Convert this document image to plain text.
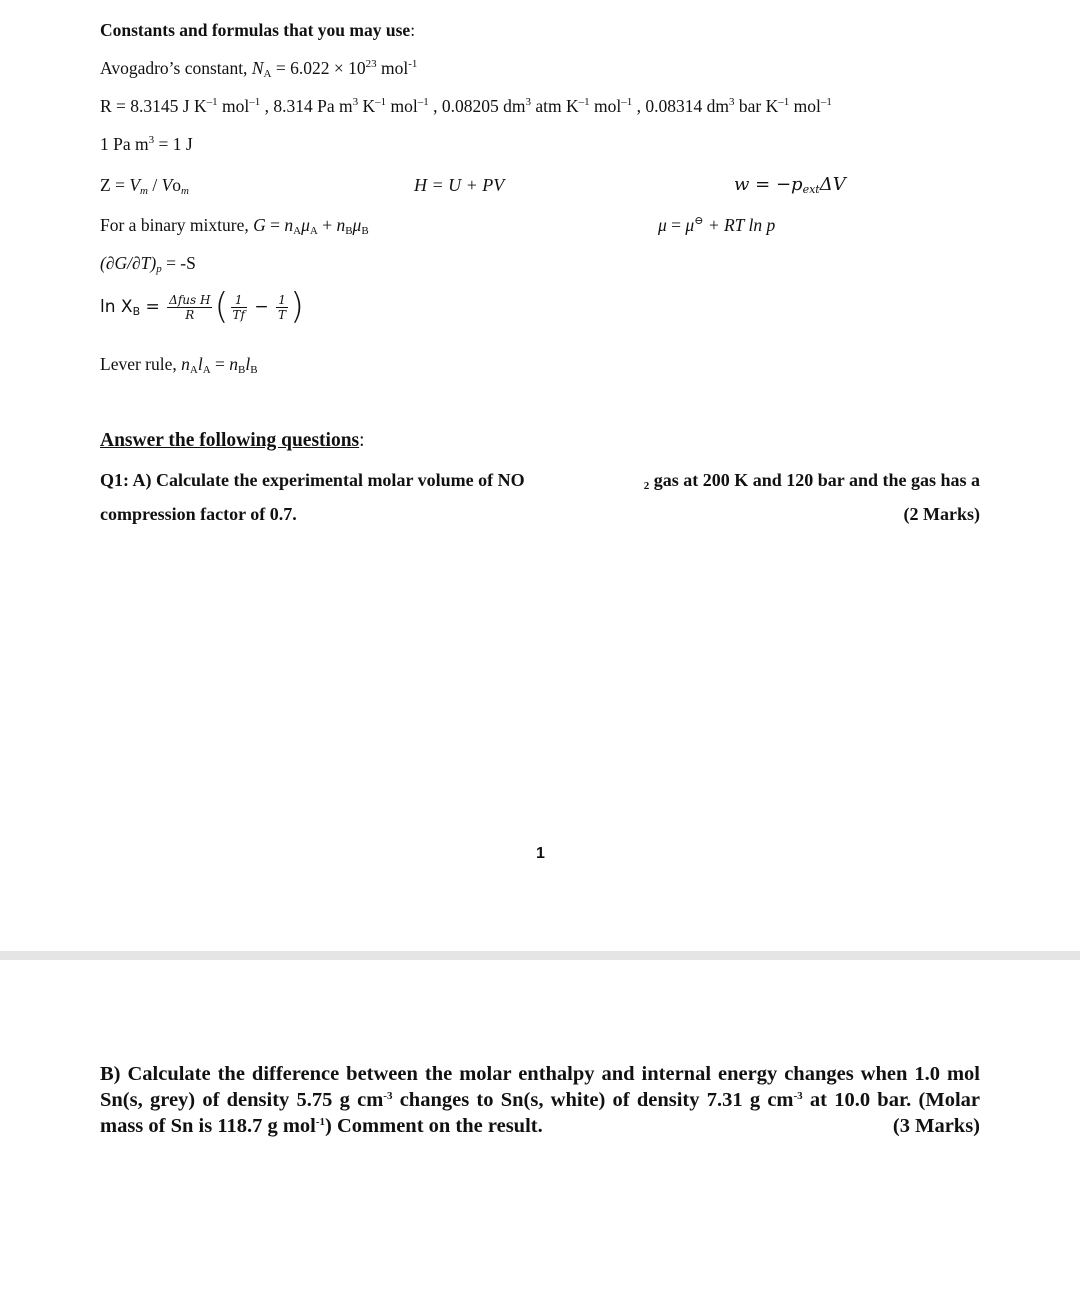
Constants and formulas that you may use:
Avogadro’s constant, $N_A = 6.022 \times 10^{23}$ mol$^{-1}$
R = 8.3145 J $K^{-1}$ mol$^{-1}$ , 8.314 Pa $m^3$ $K^{-1}$ mol$^{-1}$ , 0.08205 $dm^3$ atm $K^{-1}$ mol$^{-1}$ , 0.08314 $dm^3$ bar $K^{-1}$ mol$^{-1}$
1 Pa $m^3 = 1$ J
$Z = V_m / Vo_m$	H = U + PV	$w = -p_{ext}\Delta V$
For a binary mixture, $G = n_A\mu_A + n_B\mu_B$	μ = μ⊖ + RT ln p
$(\partial G/\partial T)_p = -S$
$\ln X_B = \frac{\text{Δfus H}}{R}$ ( $\frac{1}{Tf} - \frac{1}{T}$ )
Lever rule, $n_Al_A = n_Bl_B$
Answer the following questions:
Q1: A) Calculate the experimental molar volume of NO	$_2$ gas at 200 K and 120 bar and the gas has a
compression factor of 0.7.	(2 Marks)
1
B) Calculate the difference between the molar enthalpy and internal energy changes when 1.0 mol Sn(s, grey) of density 5.75 g $cm^{-3}$ changes to Sn(s, white) of density 7.31 g $cm^{-3}$ at 10.0 bar. (Molar mass of Sn is 118.7 g mol$^{-1}$) Comment on the result.	(3 Marks)
